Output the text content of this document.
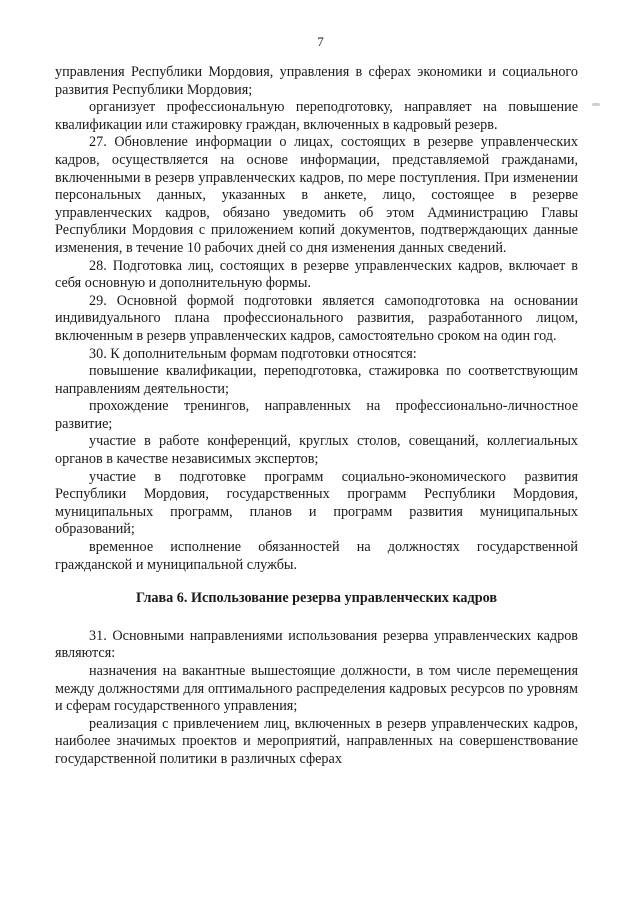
7

управления Республики Мордовия, управления в сферах экономики и социального развития Республики Мордовия;

организует профессиональную переподготовку, направляет на повышение квалификации или стажировку граждан, включенных в кадровый резерв.

27. Обновление информации о лицах, состоящих в резерве управленческих кадров, осуществляется на основе информации, представляемой гражданами, включенными в резерв управленческих кадров, по мере поступления. При изменении персональных данных, указанных в анкете, лицо, состоящее в резерве управленческих кадров, обязано уведомить об этом Администрацию Главы Республики Мордовия с приложением копий документов, подтверждающих данные изменения, в течение 10 рабочих дней со дня изменения данных сведений.

28. Подготовка лиц, состоящих в резерве управленческих кадров, включает в себя основную и дополнительную формы.

29. Основной формой подготовки является самоподготовка на основании индивидуального плана профессионального развития, разработанного лицом, включенным в резерв управленческих кадров, самостоятельно сроком на один год.

30. К дополнительным формам подготовки относятся:

повышение квалификации, переподготовка, стажировка по соответствующим направлениям деятельности;

прохождение тренингов, направленных на профессионально-личностное развитие;

участие в работе конференций, круглых столов, совещаний, коллегиальных органов в качестве независимых экспертов;

участие в подготовке программ социально-экономического развития Республики Мордовия, государственных программ Республики Мордовия, муниципальных программ, планов и программ развития муниципальных образований;

временное исполнение обязанностей на должностях государственной гражданской и муниципальной службы.

Глава 6. Использование резерва управленческих кадров

31. Основными направлениями использования резерва управленческих кадров являются:

назначения на вакантные вышестоящие должности, в том числе перемещения между должностями для оптимального распределения кадровых ресурсов по уровням и сферам государственного управления;

реализация с привлечением лиц, включенных в резерв управленческих кадров, наиболее значимых проектов и мероприятий, направленных на совершенствование государственной политики в различных сферах
